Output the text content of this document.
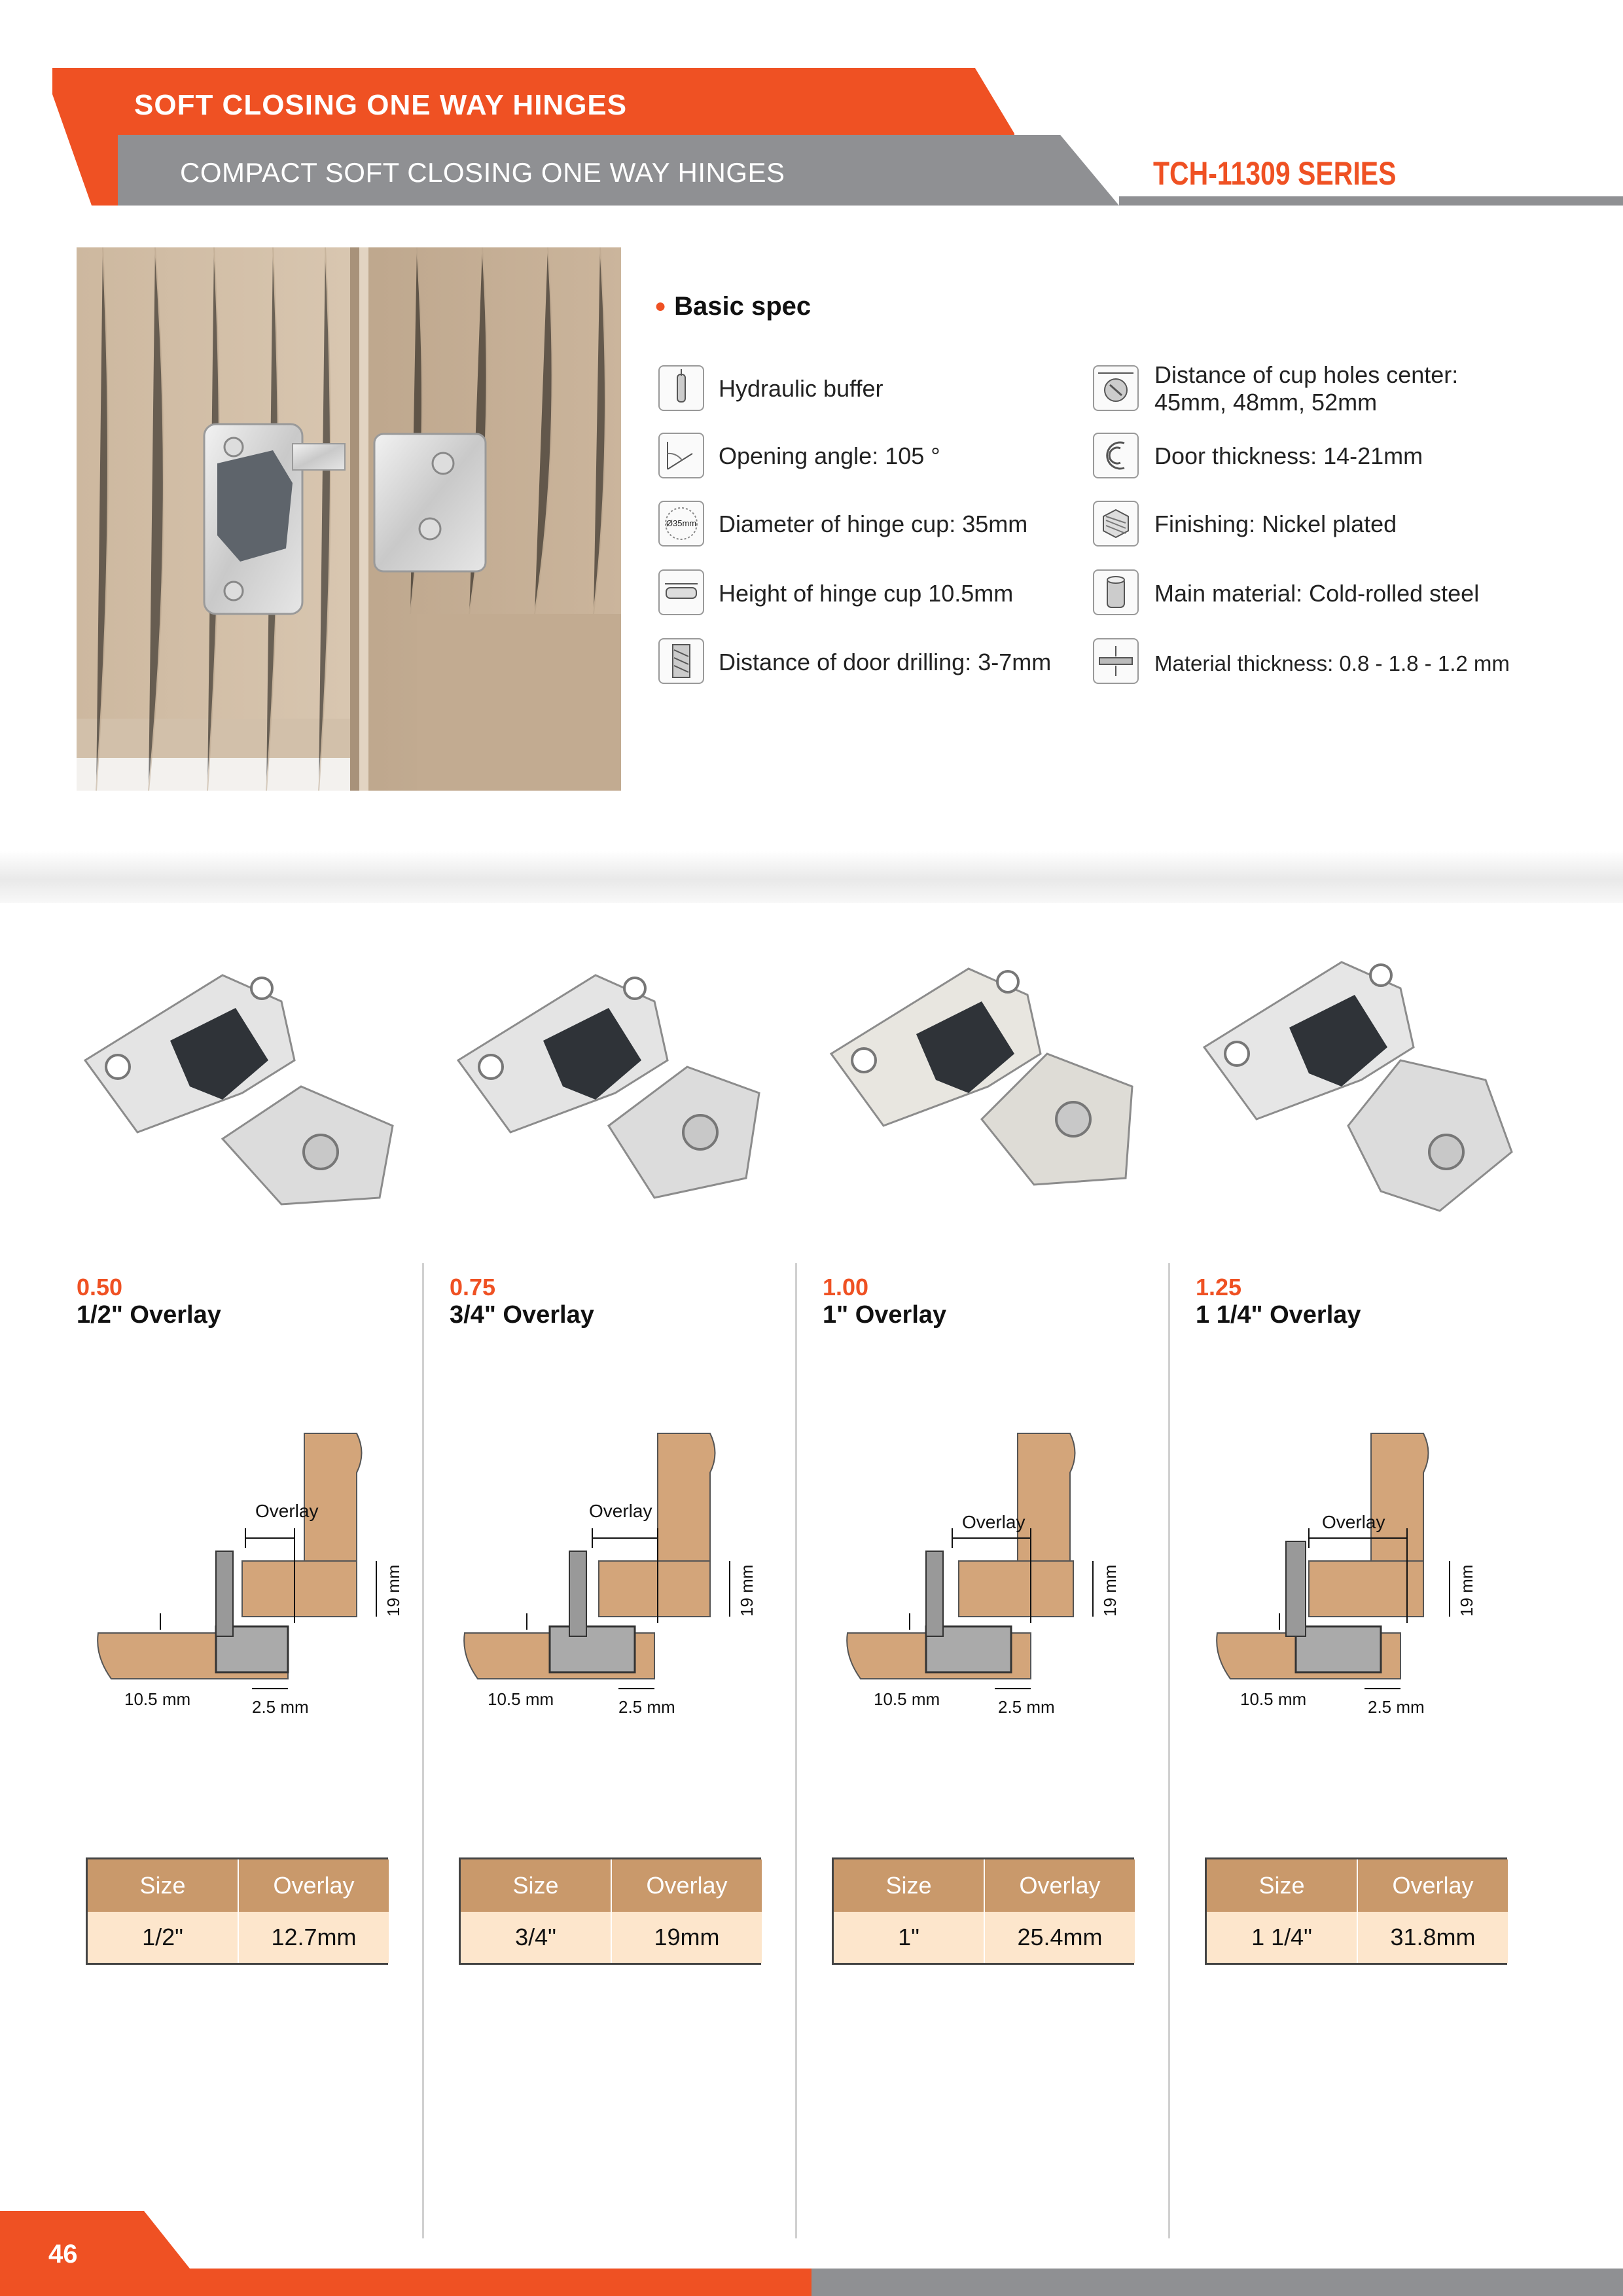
SOFT CLOSING ONE WAY HINGES
COMPACT SOFT CLOSING ONE WAY HINGES	TCH-11309 SERIES
● Basic spec
Hydraulic buffer
Opening angle: 105 °
Ø35mm Diameter of hinge cup: 35mm
Height of hinge cup 10.5mm
Distance of door drilling: 3-7mm
Distance of cup holes center:
45mm, 48mm, 52mm
Door thickness: 14-21mm
Finishing: Nickel plated
Main material: Cold-rolled steel
Material thickness: 0.8 - 1.8 - 1.2 mm
0.50
1/2" Overlay
0.75
3/4" Overlay
1.00
1" Overlay
1.25
1 1/4" Overlay
Overlay
19 mm
10.5 mm	2.5 mm
Overlay
19 mm
10.5 mm	2.5 mm
Overlay
19 mm
10.5 mm	2.5 mm
Overlay
19 mm
10.5 mm	2.5 mm
Size	Overlay
1/2"	12.7mm
Size	Overlay
3/4"	19mm
Size	Overlay
1"	25.4mm
Size	Overlay
1 1/4"	31.8mm
46
